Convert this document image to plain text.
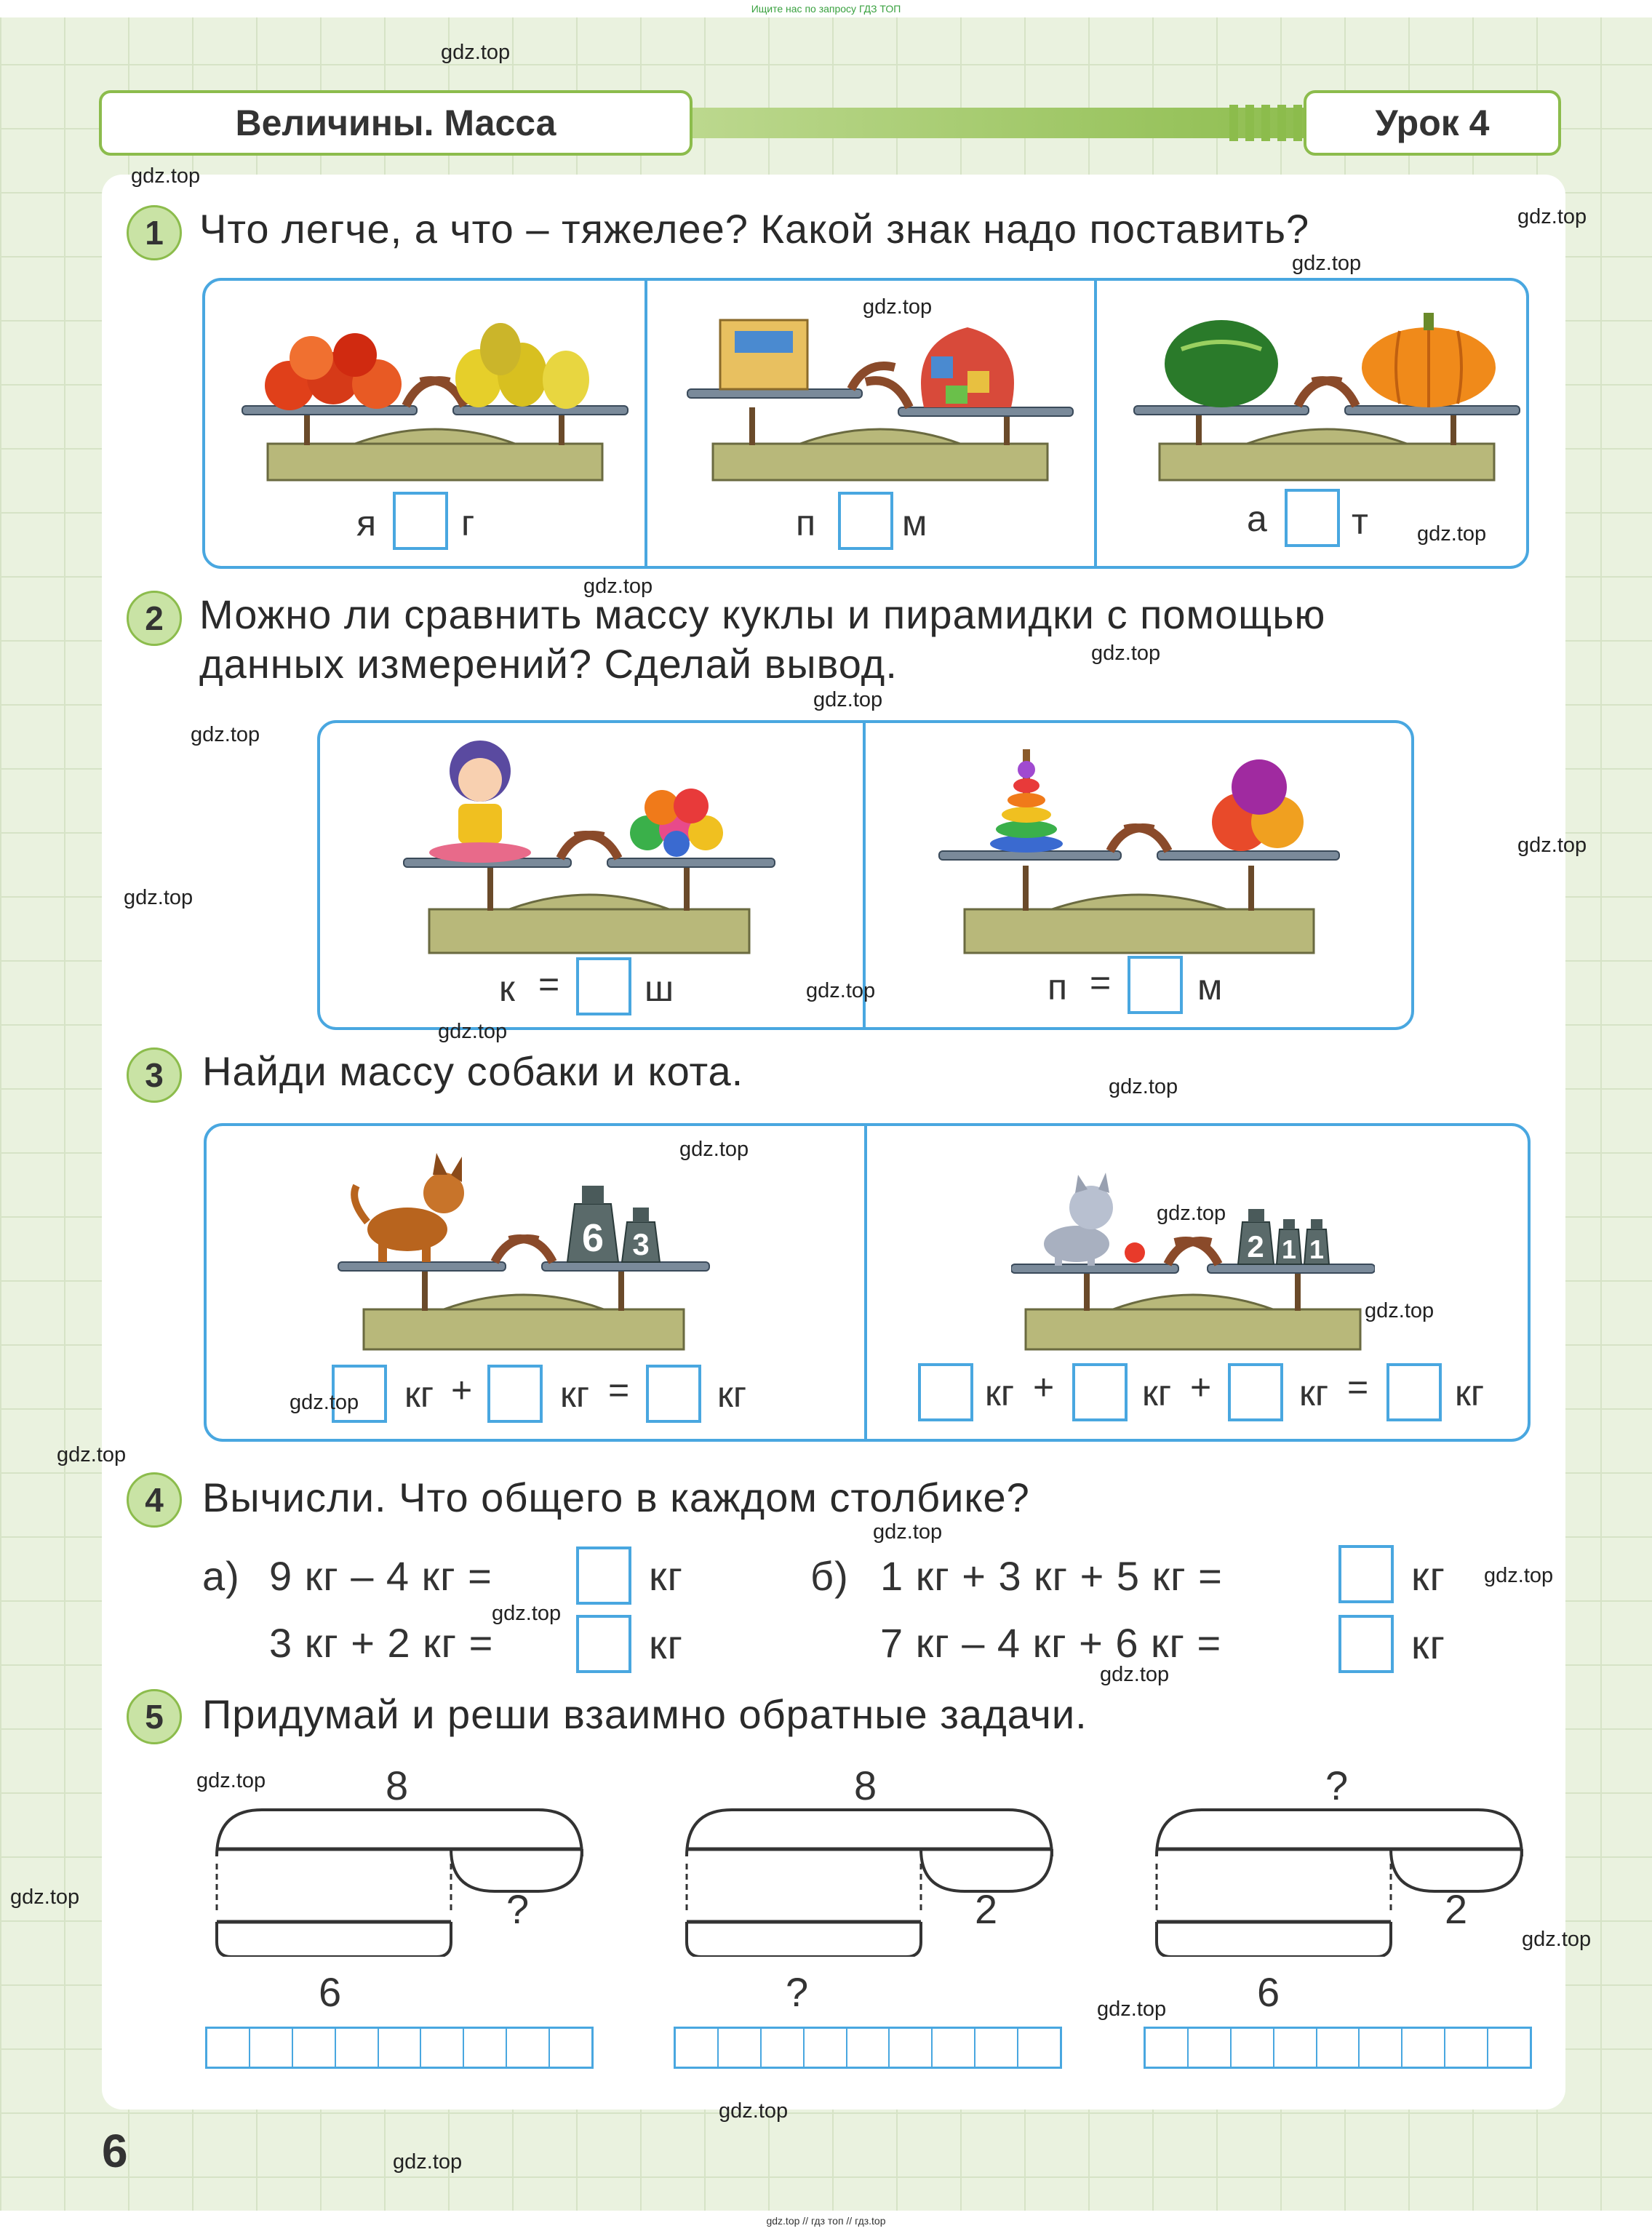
Ищите нас по запросу ГДЗ ТОП
Величины. Масса	Урок 4
1 Что легче, а что – тяжелее? Какой знак надо поставить?
я г	п м	а т
2 Можно ли сравнить массу куклы и пирамидки с помощью
данных измерений? Сделай вывод.
к = ш	п = м
3 Найди массу собаки и кота.
6 3
кг + кг = кг
2 1 1
кг + кг + кг = кг
4 Вычисли. Что общего в каждом столбике?
а) 9 кг – 4 кг =	кг
3 кг + 2 кг =	кг
б) 1 кг + 3 кг + 5 кг =	кг
7 кг – 4 кг + 6 кг =	кг
5 Придумай и реши взаимно обратные задачи.
8
?
6
8
2
?
?
2
6
6
gdz.top
gdz.top
gdz.top
gdz.top
gdz.top
gdz.top
gdz.top
gdz.top
gdz.top
gdz.top
gdz.top
gdz.top
gdz.top
gdz.top
gdz.top
gdz.top
gdz.top
gdz.top
gdz.top
gdz.top
gdz.top
gdz.top
gdz.top
gdz.top
gdz.top
gdz.top
gdz.top
gdz.top
gdz.top
gdz.top
gdz.top // гдз топ // гдз.top
